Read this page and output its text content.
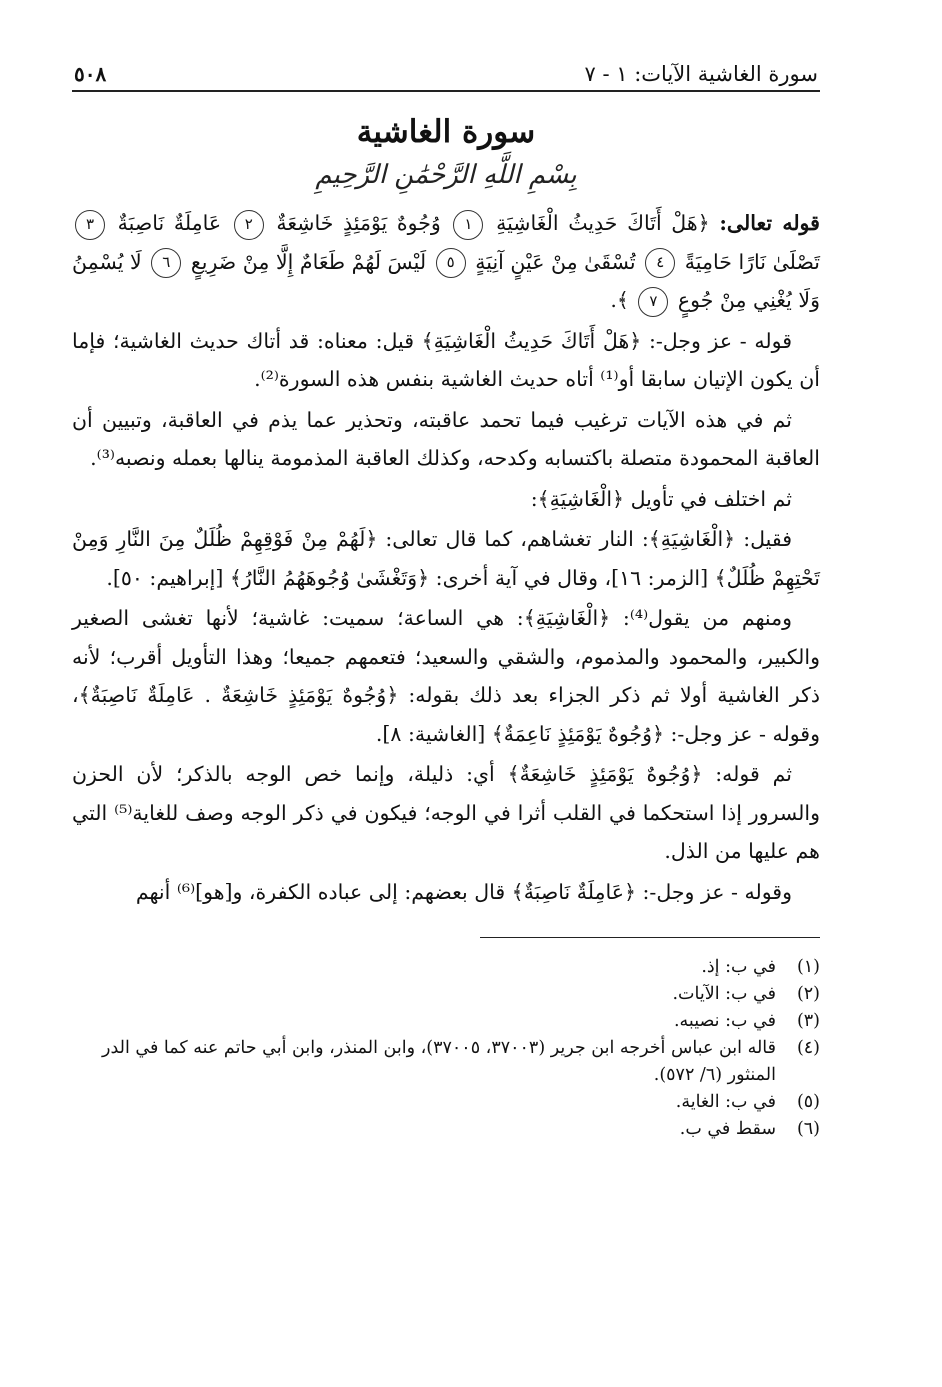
سورة الغاشية الآيات: ١ - ٧
٥٠٨
سورة الغاشية
بِسْمِ اللَّهِ الرَّحْمَٰنِ الرَّحِيمِ

قوله تعالى: ﴿هَلْ أَتَاكَ حَدِيثُ الْغَاشِيَةِ ١ وُجُوهٌ يَوْمَئِذٍ خَاشِعَةٌ ٢ عَامِلَةٌ نَاصِبَةٌ ٣ تَصْلَىٰ نَارًا حَامِيَةً ٤ تُسْقَىٰ مِنْ عَيْنٍ آنِيَةٍ ٥ لَيْسَ لَهُمْ طَعَامٌ إِلَّا مِنْ ضَرِيعٍ ٦ لَا يُسْمِنُ وَلَا يُغْنِي مِنْ جُوعٍ ٧ ﴾.

قوله - عز وجل-: ﴿هَلْ أَتَاكَ حَدِيثُ الْغَاشِيَةِ﴾ قيل: معناه: قد أتاك حديث الغاشية؛ فإما أن يكون الإتيان سابقا أو⁽¹⁾ أتاه حديث الغاشية بنفس هذه السورة⁽²⁾.

ثم في هذه الآيات ترغيب فيما تحمد عاقبته، وتحذير عما يذم في العاقبة، وتبيين أن العاقبة المحمودة متصلة باكتسابه وكدحه، وكذلك العاقبة المذمومة ينالها بعمله ونصبه⁽³⁾.

ثم اختلف في تأويل ﴿الْغَاشِيَةِ﴾:

فقيل: ﴿الْغَاشِيَةِ﴾: النار تغشاهم، كما قال تعالى: ﴿لَهُمْ مِنْ فَوْقِهِمْ ظُلَلٌ مِنَ النَّارِ وَمِنْ تَحْتِهِمْ ظُلَلٌ﴾ [الزمر: ١٦]، وقال في آية أخرى: ﴿وَتَغْشَىٰ وُجُوهَهُمُ النَّارُ﴾ [إبراهيم: ٥٠].

ومنهم من يقول⁽⁴⁾: ﴿الْغَاشِيَةِ﴾: هي الساعة؛ سميت: غاشية؛ لأنها تغشى الصغير والكبير، والمحمود والمذموم، والشقي والسعيد؛ فتعمهم جميعا؛ وهذا التأويل أقرب؛ لأنه ذكر الغاشية أولا ثم ذكر الجزاء بعد ذلك بقوله: ﴿وُجُوهٌ يَوْمَئِذٍ خَاشِعَةٌ . عَامِلَةٌ نَاصِبَةٌ﴾، وقوله - عز وجل-: ﴿وُجُوهٌ يَوْمَئِذٍ نَاعِمَةٌ﴾ [الغاشية: ٨].

ثم قوله: ﴿وُجُوهٌ يَوْمَئِذٍ خَاشِعَةٌ﴾ أي: ذليلة، وإنما خص الوجه بالذكر؛ لأن الحزن والسرور إذا استحكما في القلب أثرا في الوجه؛ فيكون في ذكر الوجه وصف للغاية⁽⁵⁾ التي هم عليها من الذل.

وقوله - عز وجل-: ﴿عَامِلَةٌ نَاصِبَةٌ﴾ قال بعضهم: إلى عباده الكفرة، و[هو]⁽⁶⁾ أنهم

(١)
في ب: إذ.
(٢)
في ب: الآيات.
(٣)
في ب: نصيبه.
(٤)
قاله ابن عباس أخرجه ابن جرير (٣٧٠٠٣، ٣٧٠٠٥)، وابن المنذر، وابن أبي حاتم عنه كما في الدر المنثور (٦/ ٥٧٢).
(٥)
في ب: الغاية.
(٦)
سقط في ب.
